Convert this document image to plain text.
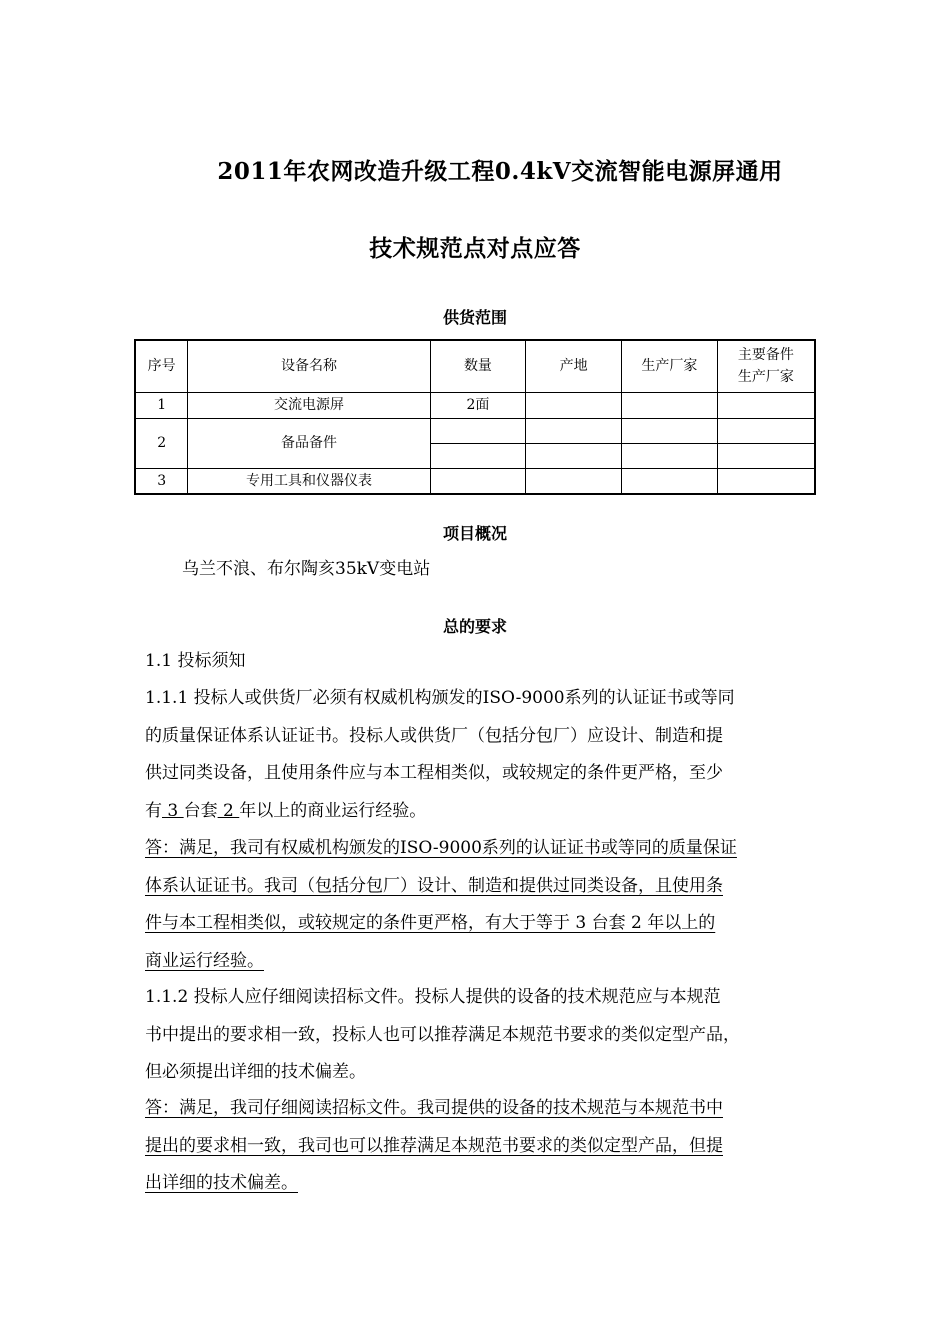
2011年农网改造升级工程0.4kV交流智能电源屏通用
技术规范点对点应答
供货范围
序号	设备名称	数量	产地	生产厂家	主要备件
生产厂家
1	交流电源屏	2面			
2	备品备件				

3	专用工具和仪器仪表				
项目概况
乌兰不浪、布尔陶亥35kV变电站
总的要求
1.1 投标须知
1.1.1 投标人或供货厂必须有权威机构颁发的ISO-9000系列的认证证书或等同
的质量保证体系认证证书。投标人或供货厂（包括分包厂）应设计、制造和提
供过同类设备，且使用条件应与本工程相类似，或较规定的条件更严格，至少
有 3 台套 2 年以上的商业运行经验。
答：满足，我司有权威机构颁发的ISO-9000系列的认证证书或等同的质量保证
体系认证证书。我司（包括分包厂）设计、制造和提供过同类设备，且使用条
件与本工程相类似，或较规定的条件更严格，有大于等于 3 台套 2 年以上的
商业运行经验。
1.1.2 投标人应仔细阅读招标文件。投标人提供的设备的技术规范应与本规范
书中提出的要求相一致，投标人也可以推荐满足本规范书要求的类似定型产品，
但必须提出详细的技术偏差。
答：满足，我司仔细阅读招标文件。我司提供的设备的技术规范与本规范书中
提出的要求相一致，我司也可以推荐满足本规范书要求的类似定型产品，但提
出详细的技术偏差。
